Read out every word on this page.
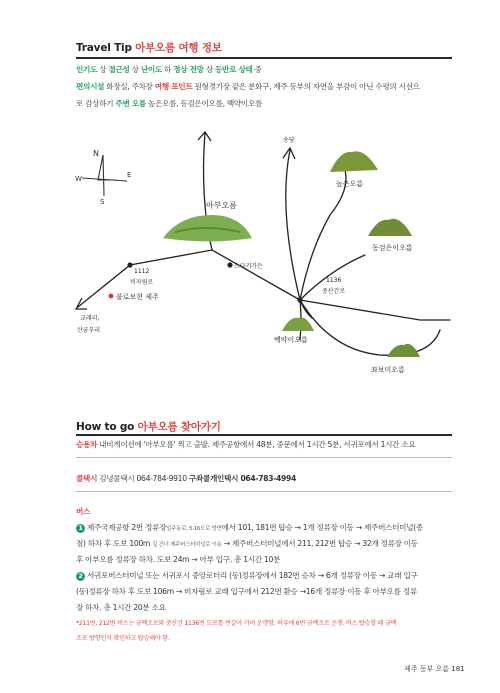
Travel Tip 아부오름 여행 정보
인기도 상 접근성 상 난이도 하 정상 전망 상 등반로 상태 중
편의시설 화장실, 주차장 여행 포인트 원형경기장 같은 분화구, 제주 동부의 자연을 부감이 아닌 수평의 시선으
로 감상하기 주변 오름 높은오름, 동검은이오름, 백약이오름
N
E
W
S	아부오름
송당
높은오름
동검은이오름
1112
비자림로
불로보현 제주
교래리,
산굼부리
스타키가든
1136
중산간로
백약이오름
좌보미오름
How to go 아부오름 찾아가기
승용차 내비게이션에 '아부오름' 찍고 출발. 제주공항에서 48분, 중문에서 1시간 5분, 서귀포에서 1시간 소요
콜택시 김녕콜택시 064-784-9910 구좌콜개인택시 064-783-4994
버스
1 제주국제공항 2번 정류장일주동로, 5.16도로 방면에서 101, 181번 탑승 → 1개 정류장 이동 → 제주버스터미널(종
점) 하차 후 도보 100m 길 건너 제주버스터미널로 이동 → 제주버스터미널에서 211, 212번 탑승 → 32개 정류장 이동
후 아부오름 정류장 하차. 도보 24m → 아부 입구. 총 1시간 10분
2 서귀포버스터미널 또는 서귀포시 중앙로터리 (동)정류장에서 182번 승차 → 6개 정류장 이동 → 교래 입구
(동)정류장 하차 후 도보 106m → 비자림로 교래 입구에서 212번 환승 →16개 정류장 이동 후 아부오름 정류
장 하차. 총 1시간 20분 소요
*211번, 212번 버스는 금백조로와 중산간 1136번 도로를 번갈아 가며 운행함. 하루에 6번 금백조로 운행. 버스 탑승할 때 금백
조로 방향인지 확인하고 탑승해야 함.
제주 동부 오름 181
